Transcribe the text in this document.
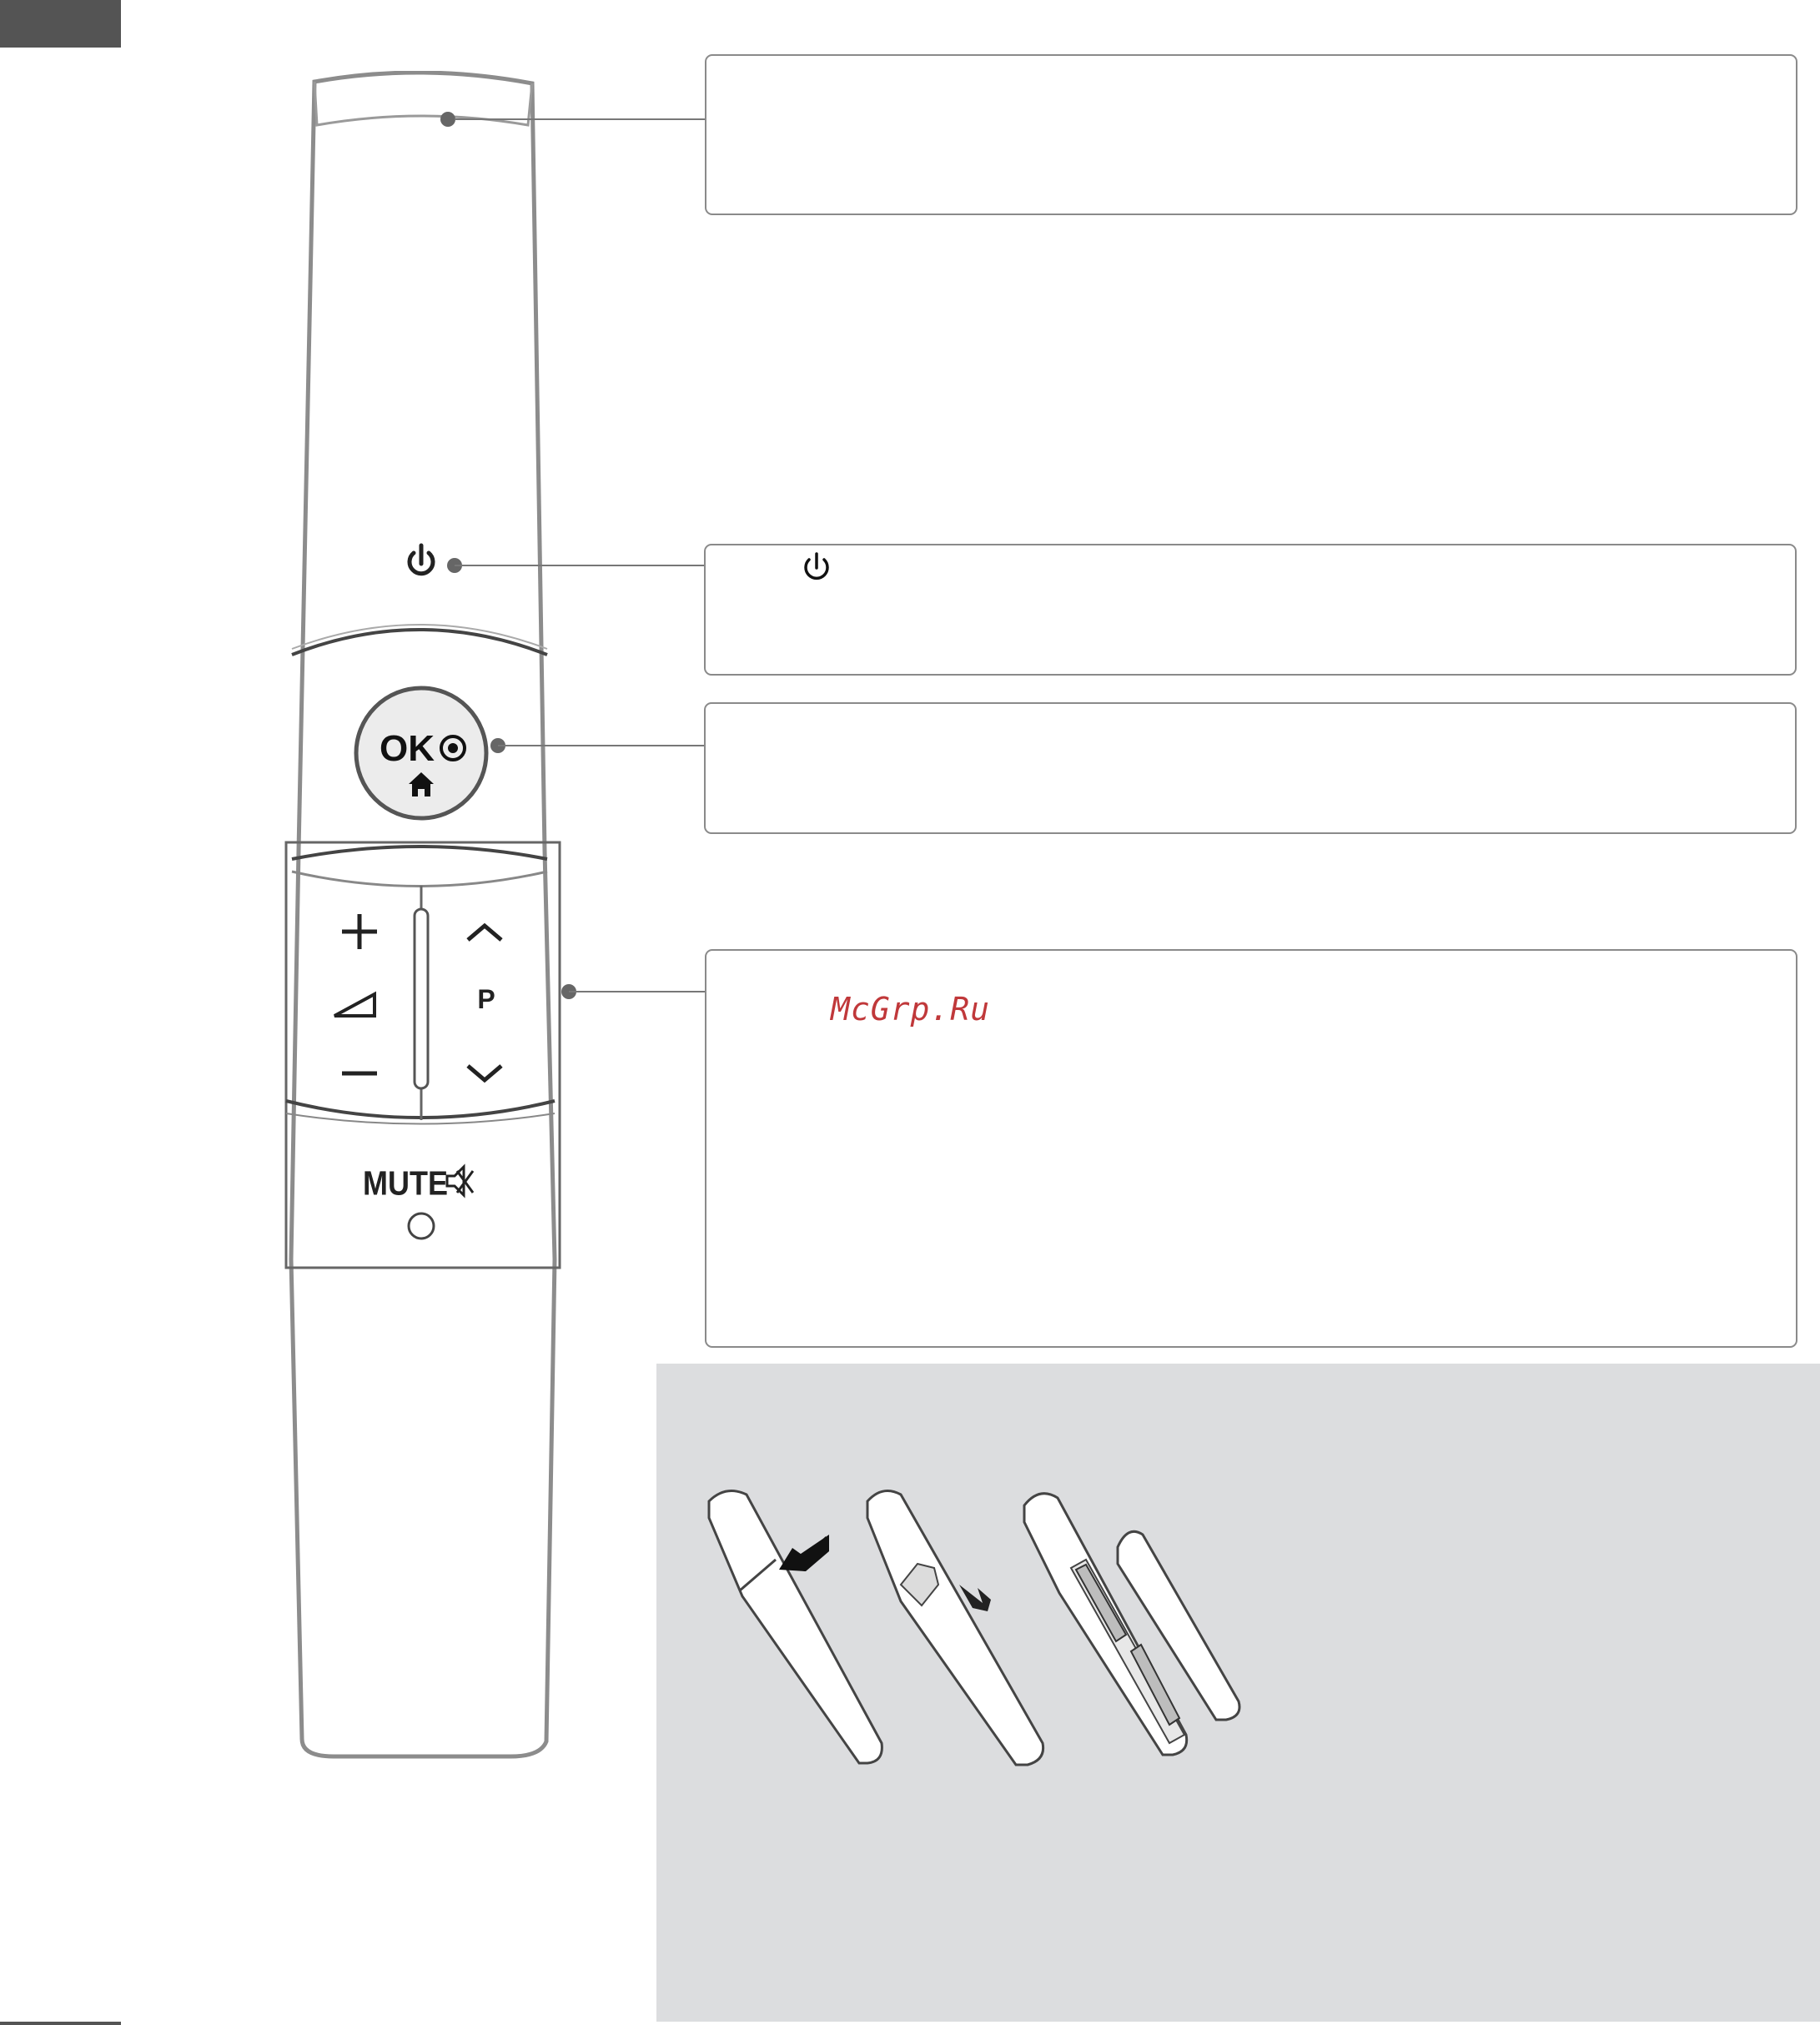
OK
P
MUTE
McGrp.Ru
